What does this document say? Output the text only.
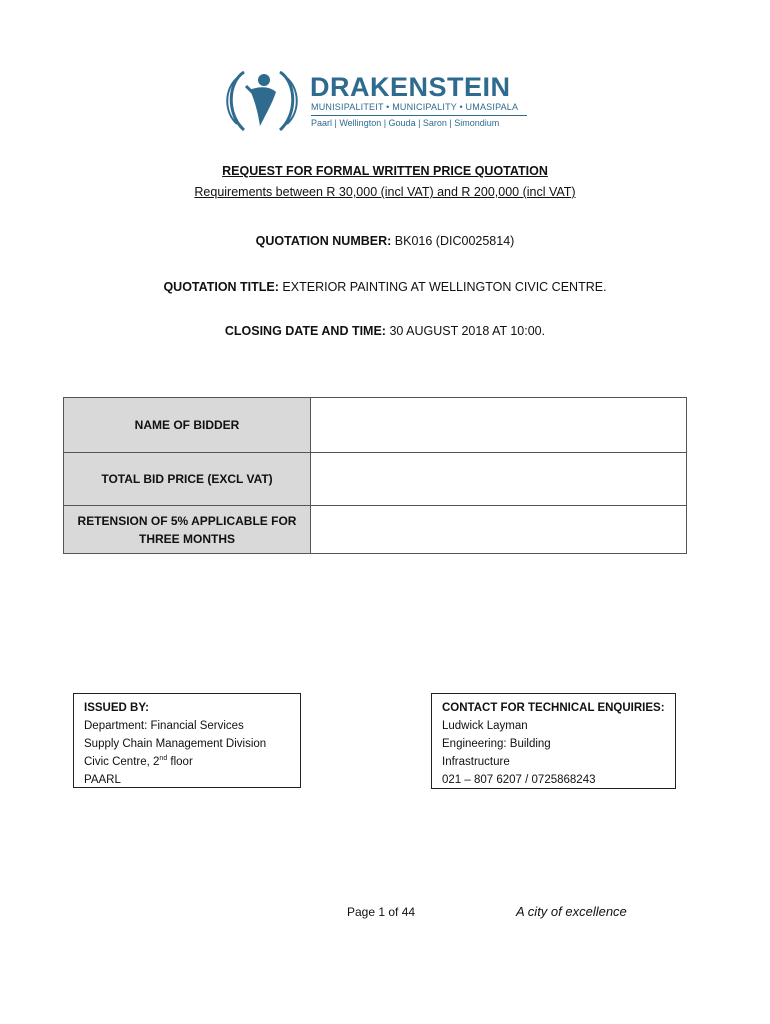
DRAKENSTEIN
MUNISIPALITEIT • MUNICIPALITY • UMASIPALA
Paarl | Wellington | Gouda | Saron | Simondium
REQUEST FOR FORMAL WRITTEN PRICE QUOTATION
Requirements between R 30,000 (incl VAT) and R 200,000 (incl VAT)
QUOTATION NUMBER: BK016 (DIC0025814)
QUOTATION TITLE: EXTERIOR PAINTING AT WELLINGTON CIVIC CENTRE.
CLOSING DATE AND TIME: 30 AUGUST 2018 AT 10:00.
NAME OF BIDDER	
TOTAL BID PRICE (EXCL VAT)	
RETENSION OF 5% APPLICABLE FOR THREE MONTHS	
ISSUED BY:
Department: Financial Services
Supply Chain Management Division
Civic Centre, 2nd floor
PAARL
CONTACT FOR TECHNICAL ENQUIRIES:
Ludwick Layman
Engineering: Building
Infrastructure
021 – 807 6207 / 0725868243
Page 1 of 44	A city of excellence
